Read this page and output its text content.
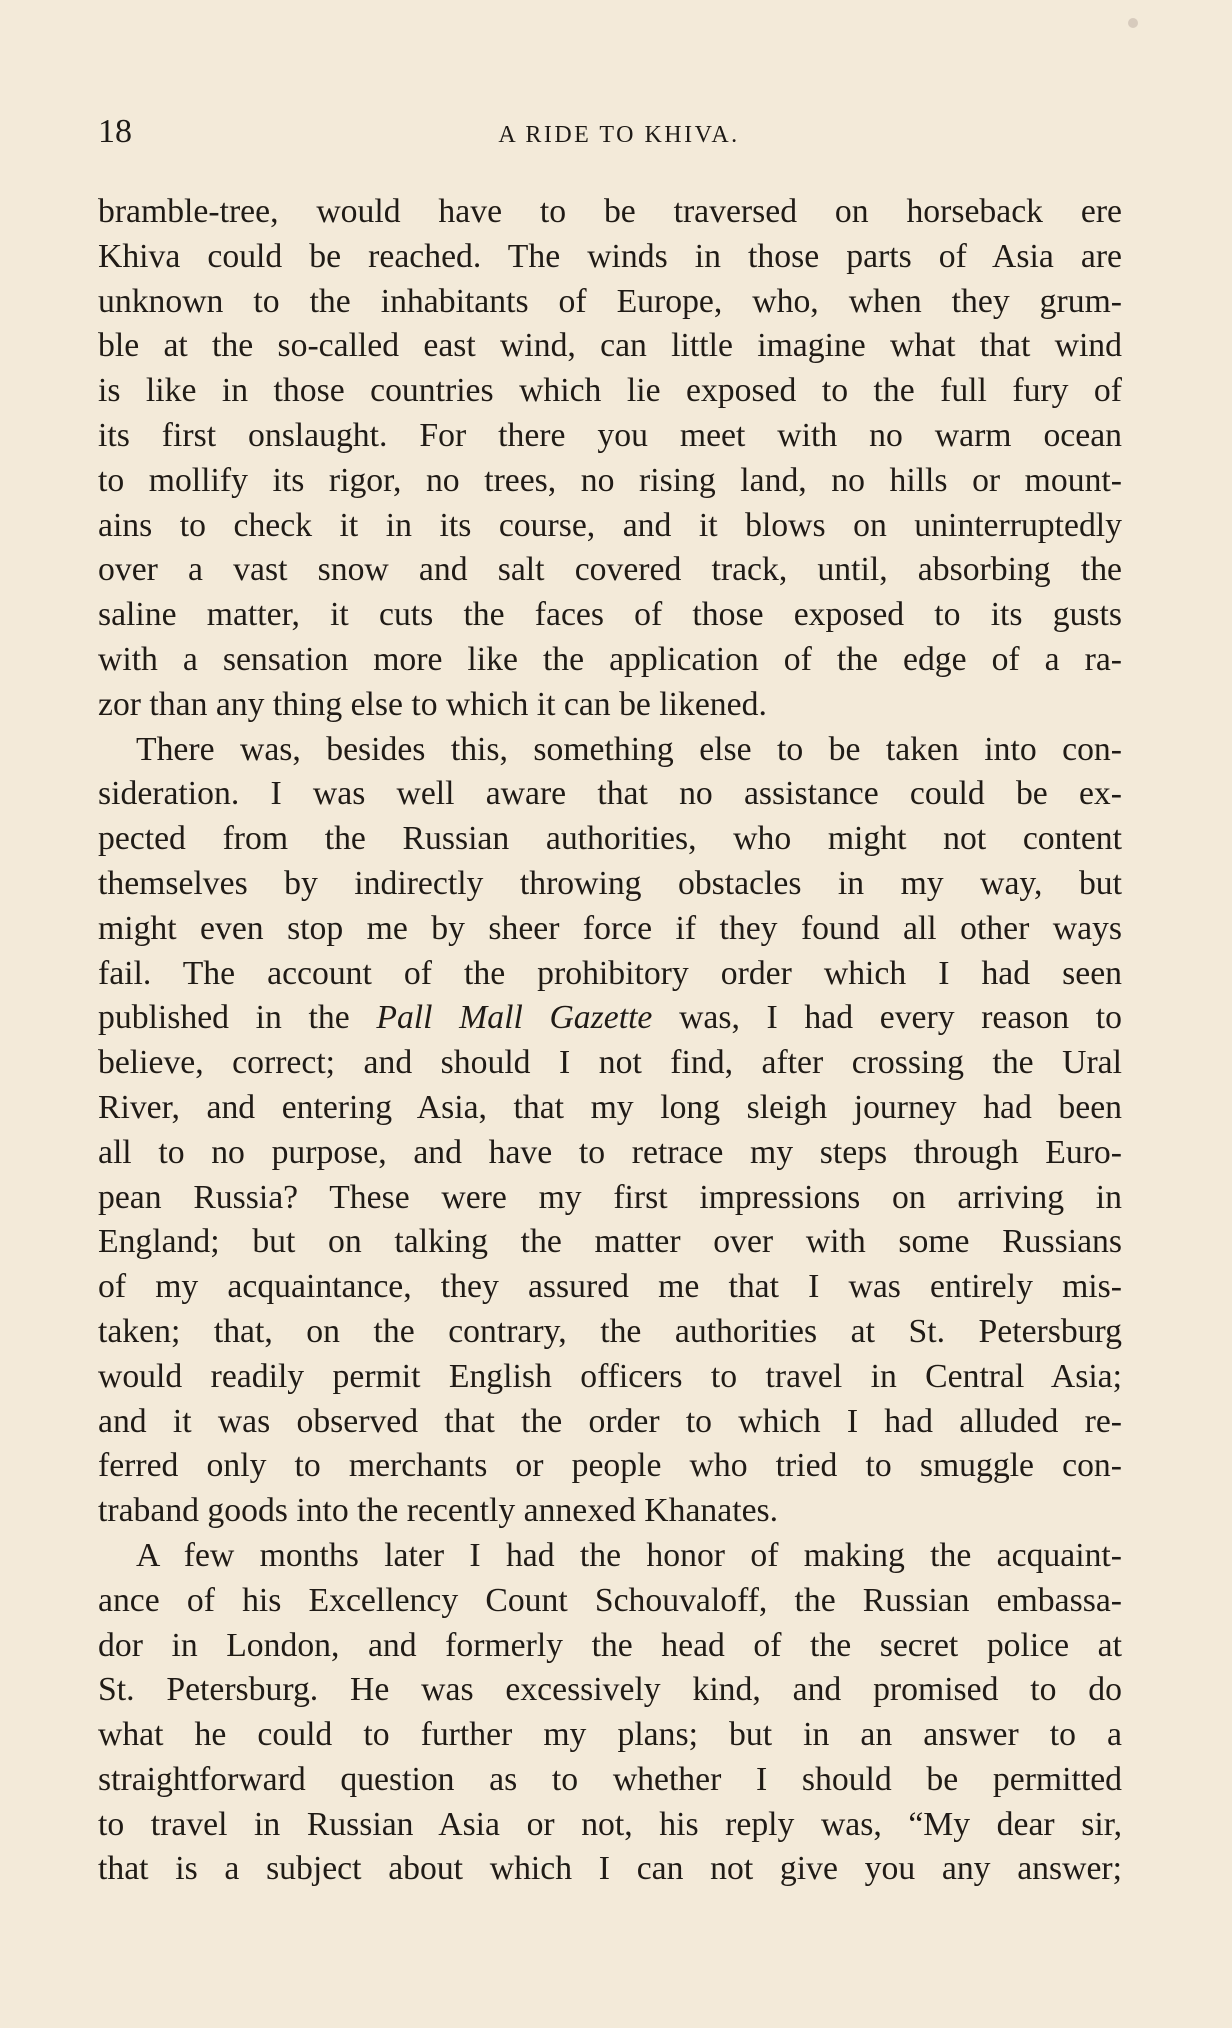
18	A RIDE TO KHIVA.
bramble-tree, would have to be traversed on horseback ere
Khiva could be reached. The winds in those parts of Asia are
unknown to the inhabitants of Europe, who, when they grum-
ble at the so-called east wind, can little imagine what that wind
is like in those countries which lie exposed to the full fury of
its first onslaught. For there you meet with no warm ocean
to mollify its rigor, no trees, no rising land, no hills or mount-
ains to check it in its course, and it blows on uninterruptedly
over a vast snow and salt covered track, until, absorbing the
saline matter, it cuts the faces of those exposed to its gusts
with a sensation more like the application of the edge of a ra-
zor than any thing else to which it can be likened.
There was, besides this, something else to be taken into con-
sideration. I was well aware that no assistance could be ex-
pected from the Russian authorities, who might not content
themselves by indirectly throwing obstacles in my way, but
might even stop me by sheer force if they found all other ways
fail. The account of the prohibitory order which I had seen
published in the Pall Mall Gazette was, I had every reason to
believe, correct; and should I not find, after crossing the Ural
River, and entering Asia, that my long sleigh journey had been
all to no purpose, and have to retrace my steps through Euro-
pean Russia? These were my first impressions on arriving in
England; but on talking the matter over with some Russians
of my acquaintance, they assured me that I was entirely mis-
taken; that, on the contrary, the authorities at St. Petersburg
would readily permit English officers to travel in Central Asia;
and it was observed that the order to which I had alluded re-
ferred only to merchants or people who tried to smuggle con-
traband goods into the recently annexed Khanates.
A few months later I had the honor of making the acquaint-
ance of his Excellency Count Schouvaloff, the Russian embassa-
dor in London, and formerly the head of the secret police at
St. Petersburg. He was excessively kind, and promised to do
what he could to further my plans; but in an answer to a
straightforward question as to whether I should be permitted
to travel in Russian Asia or not, his reply was, “My dear sir,
that is a subject about which I can not give you any answer;
